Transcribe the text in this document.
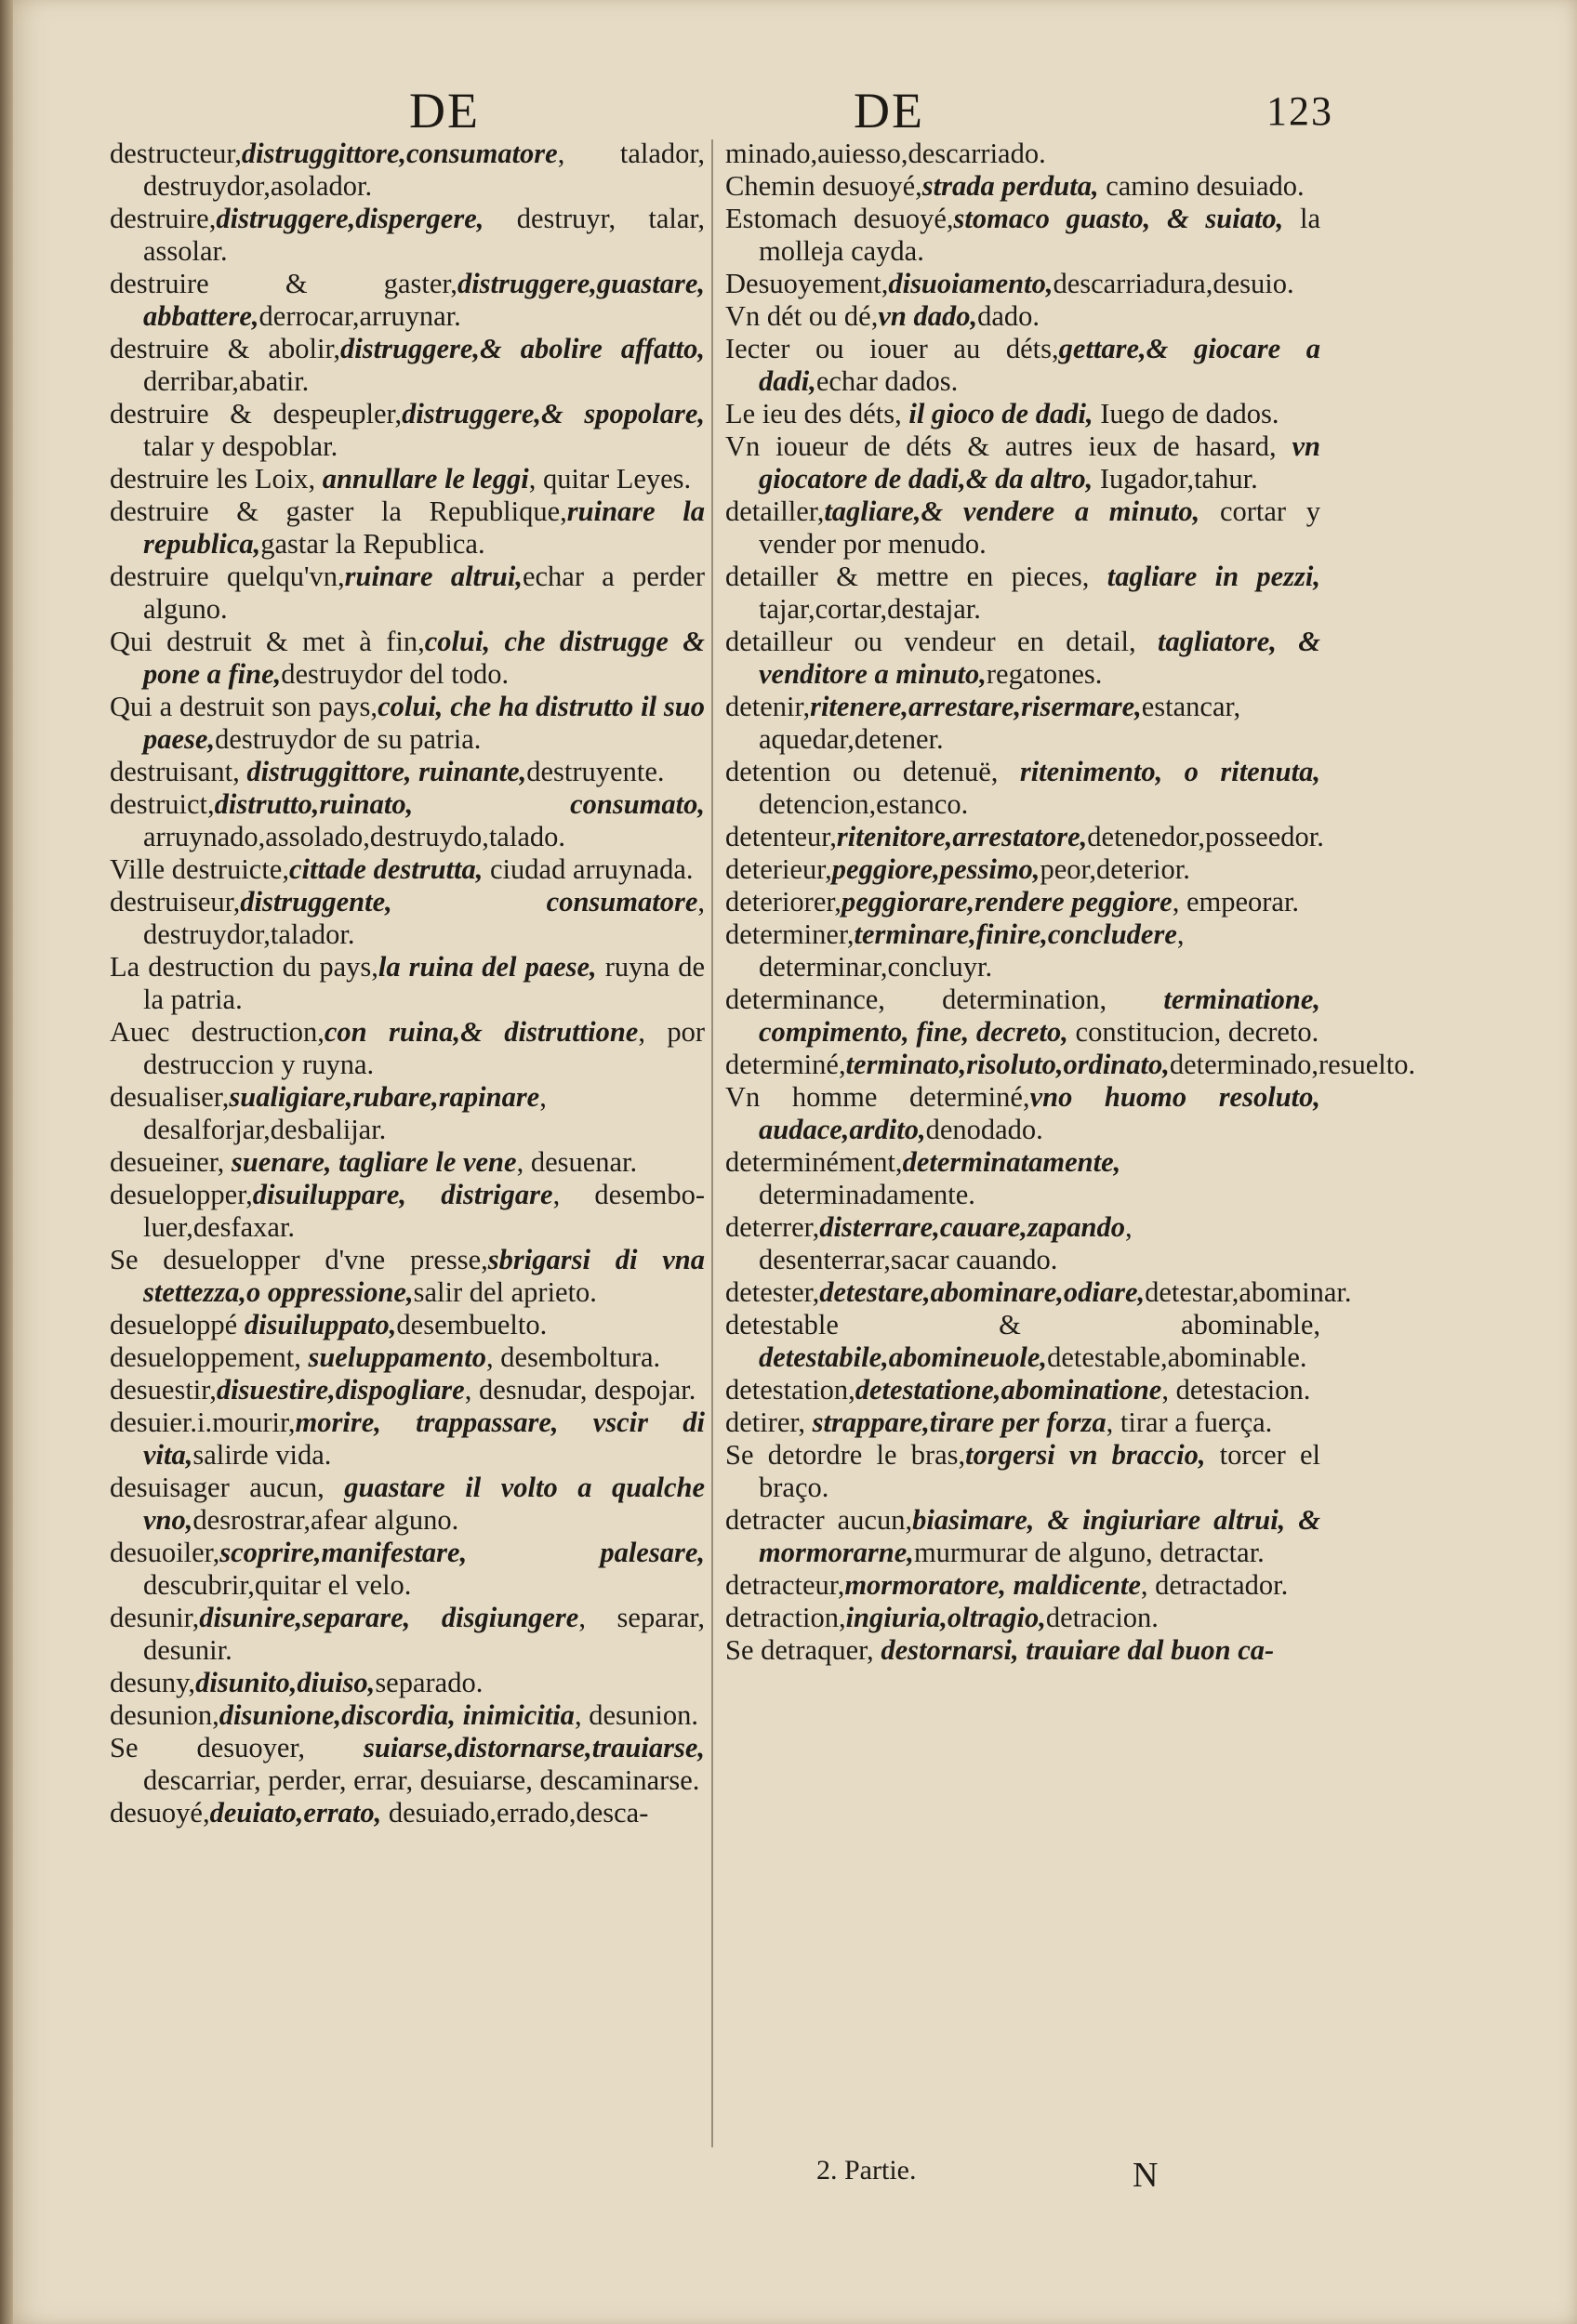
DE	DE	123

destructeur,distruggittore,consumatore, talador, destruydor,asolador.

destruire,distruggere,dispergere, destruyr, talar, assolar.

destruire & gaster,distruggere,guastare, abbattere,derrocar,arruynar.

destruire & abolir,distruggere,& abolire affatto, derribar,abatir.

destruire & despeupler,distruggere,& spopolare, talar y despoblar.

destruire les Loix, annullare le leggi, quitar Leyes.

destruire & gaster la Republique,ruinare la republica,gastar la Republica.

destruire quelqu'vn,ruinare altrui,echar a perder alguno.

Qui destruit & met à fin,colui, che distrugge & pone a fine,destruydor del todo.

Qui a destruit son pays,colui, che ha distrutto il suo paese,destruydor de su patria.

destruisant, distruggittore, ruinante,destruyente.

destruict,distrutto,ruinato, consumato, arruynado,assolado,destruydo,talado.

Ville destruicte,cittade destrutta, ciudad arruynada.

destruiseur,distruggente, consumatore, destruydor,talador.

La destruction du pays,la ruina del paese, ruyna de la patria.

Auec destruction,con ruina,& distruttione, por destruccion y ruyna.

desualiser,sualigiare,rubare,rapinare, desalforjar,desbalijar.

desueiner, suenare, tagliare le vene, desuenar.

desuelopper,disuiluppare, distrigare, desembo-luer,desfaxar.

Se desuelopper d'vne presse,sbrigarsi di vna stettezza,o oppressione,salir del aprieto.

desueloppé disuiluppato,desembuelto.

desueloppement, sueluppamento, desemboltura.

desuestir,disuestire,dispogliare, desnudar, despojar.

desuier.i.mourir,morire, trappassare, vscir di vita,salirde vida.

desuisager aucun, guastare il volto a qualche vno,desrostrar,afear alguno.

desuoiler,scoprire,manifestare, palesare, descubrir,quitar el velo.

desunir,disunire,separare, disgiungere, separar, desunir.

desuny,disunito,diuiso,separado.

desunion,disunione,discordia, inimicitia, desunion.

Se desuoyer, suiarse,distornarse,trauiarse, descarriar, perder, errar, desuiarse, descaminarse.

desuoyé,deuiato,errato, desuiado,errado,desca-

minado,auiesso,descarriado.

Chemin desuoyé,strada perduta, camino desuiado.

Estomach desuoyé,stomaco guasto, & suiato, la molleja cayda.

Desuoyement,disuoiamento,descarriadura,desuio.

Vn dét ou dé,vn dado,dado.

Iecter ou iouer au déts,gettare,& giocare a dadi,echar dados.

Le ieu des déts, il gioco de dadi, Iuego de dados.

Vn ioueur de déts & autres ieux de hasard, vn giocatore de dadi,& da altro, Iugador,tahur.

detailler,tagliare,& vendere a minuto, cortar y vender por menudo.

detailler & mettre en pieces, tagliare in pezzi, tajar,cortar,destajar.

detailleur ou vendeur en detail, tagliatore, & venditore a minuto,regatones.

detenir,ritenere,arrestare,risermare,estancar, aquedar,detener.

detention ou detenuë, ritenimento, o ritenuta, detencion,estanco.

detenteur,ritenitore,arrestatore,detenedor,posseedor.

deterieur,peggiore,pessimo,peor,deterior.

deteriorer,peggiorare,rendere peggiore, empeorar.

determiner,terminare,finire,concludere, determinar,concluyr.

determinance, determination, terminatione, compimento, fine, decreto, constitucion, decreto.

determiné,terminato,risoluto,ordinato,determinado,resuelto.

Vn homme determiné,vno huomo resoluto, audace,ardito,denodado.

determinément,determinatamente, determinadamente.

deterrer,disterrare,cauare,zapando, desenterrar,sacar cauando.

detester,detestare,abominare,odiare,detestar,abominar.

detestable & abominable, detestabile,abomineuole,detestable,abominable.

detestation,detestatione,abominatione, detestacion.

detirer, strappare,tirare per forza, tirar a fuerça.

Se detordre le bras,torgersi vn braccio, torcer el braço.

detracter aucun,biasimare, & ingiuriare altrui, & mormorarne,murmurar de alguno, detractar.

detracteur,mormoratore, maldicente, detractador.

detraction,ingiuria,oltragio,detracion.

Se detraquer, destornarsi, trauiare dal buon ca-

2. Partie.	N
